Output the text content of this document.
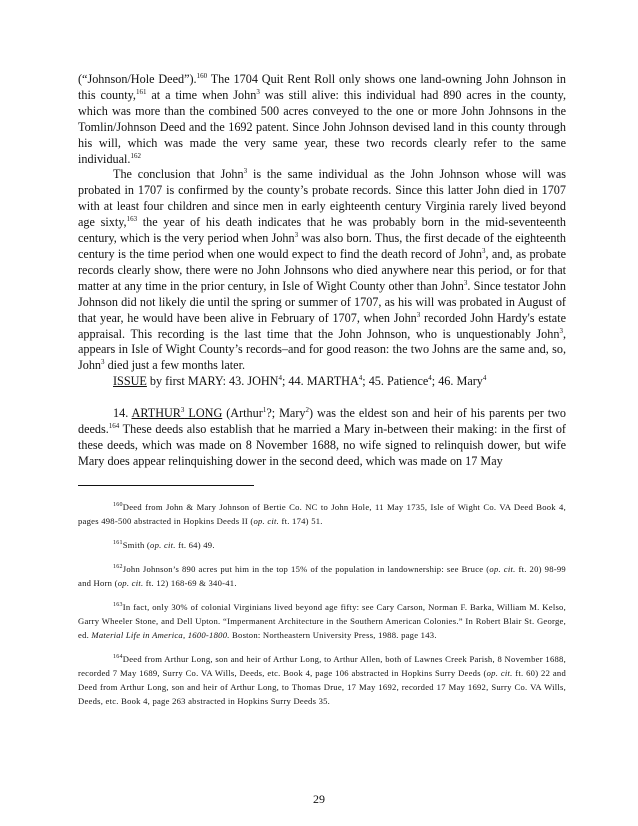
(“Johnson/Hole Deed”).$^{160}$ The 1704 Quit Rent Roll only shows one land-owning John Johnson in this county,$^{161}$ at a time when John$^3$ was still alive: this individual had 890 acres in the county, which was more than the combined 500 acres conveyed to the one or more John Johnsons in the Tomlin/Johnson Deed and the 1692 patent. Since John Johnson devised land in this county through his will, which was made the very same year, these two records clearly refer to the same individual.$^{162}$

The conclusion that John$^3$ is the same individual as the John Johnson whose will was probated in 1707 is confirmed by the county’s probate records. Since this latter John died in 1707 with at least four children and since men in early eighteenth century Virginia rarely lived beyond age sixty,$^{163}$ the year of his death indicates that he was probably born in the mid-seventeenth century, which is the very period when John$^3$ was also born. Thus, the first decade of the eighteenth century is the time period when one would expect to find the death record of John$^3$, and, as probate records clearly show, there were no John Johnsons who died anywhere near this period, or for that matter at any time in the prior century, in Isle of Wight County other than John$^3$. Since testator John Johnson did not likely die until the spring or summer of 1707, as his will was probated in August of that year, he would have been alive in February of 1707, when John$^3$ recorded John Hardy's estate appraisal. This recording is the last time that the John Johnson, who is unquestionably John$^3$, appears in Isle of Wight County’s records–and for good reason: the two Johns are the same and, so, John$^3$ died just a few months later.

ISSUE by first MARY: 43. JOHN$^4$; 44. MARTHA$^4$; 45. Patience$^4$; 46. Mary$^4$

14. ARTHUR$^3$ LONG (Arthur$^1$?; Mary$^2$) was the eldest son and heir of his parents per two deeds.$^{164}$ These deeds also establish that he married a Mary in-between their making: in the first of these deeds, which was made on 8 November 1688, no wife signed to relinquish dower, but wife Mary does appear relinquishing dower in the second deed, which was made on 17 May

$^{160}$Deed from John & Mary Johnson of Bertie Co. NC to John Hole, 11 May 1735, Isle of Wight Co. VA Deed Book 4, pages 498-500 abstracted in Hopkins Deeds II (op. cit. ft. 174) 51.

$^{161}$Smith (op. cit. ft. 64) 49.

$^{162}$John Johnson’s 890 acres put him in the top 15% of the population in landownership: see Bruce (op. cit. ft. 20) 98-99 and Horn (op. cit. ft. 12) 168-69 & 340-41.

$^{163}$In fact, only 30% of colonial Virginians lived beyond age fifty: see Cary Carson, Norman F. Barka, William M. Kelso, Garry Wheeler Stone, and Dell Upton. “Impermanent Architecture in the Southern American Colonies.” In Robert Blair St. George, ed. Material Life in America, 1600-1800. Boston: Northeastern University Press, 1988. page 143.

$^{164}$Deed from Arthur Long, son and heir of Arthur Long, to Arthur Allen, both of Lawnes Creek Parish, 8 November 1688, recorded 7 May 1689, Surry Co. VA Wills, Deeds, etc. Book 4, page 106 abstracted in Hopkins Surry Deeds (op. cit. ft. 60) 22 and Deed from Arthur Long, son and heir of Arthur Long, to Thomas Drue, 17 May 1692, recorded 17 May 1692, Surry Co. VA Wills, Deeds, etc. Book 4, page 263 abstracted in Hopkins Surry Deeds 35.

29
